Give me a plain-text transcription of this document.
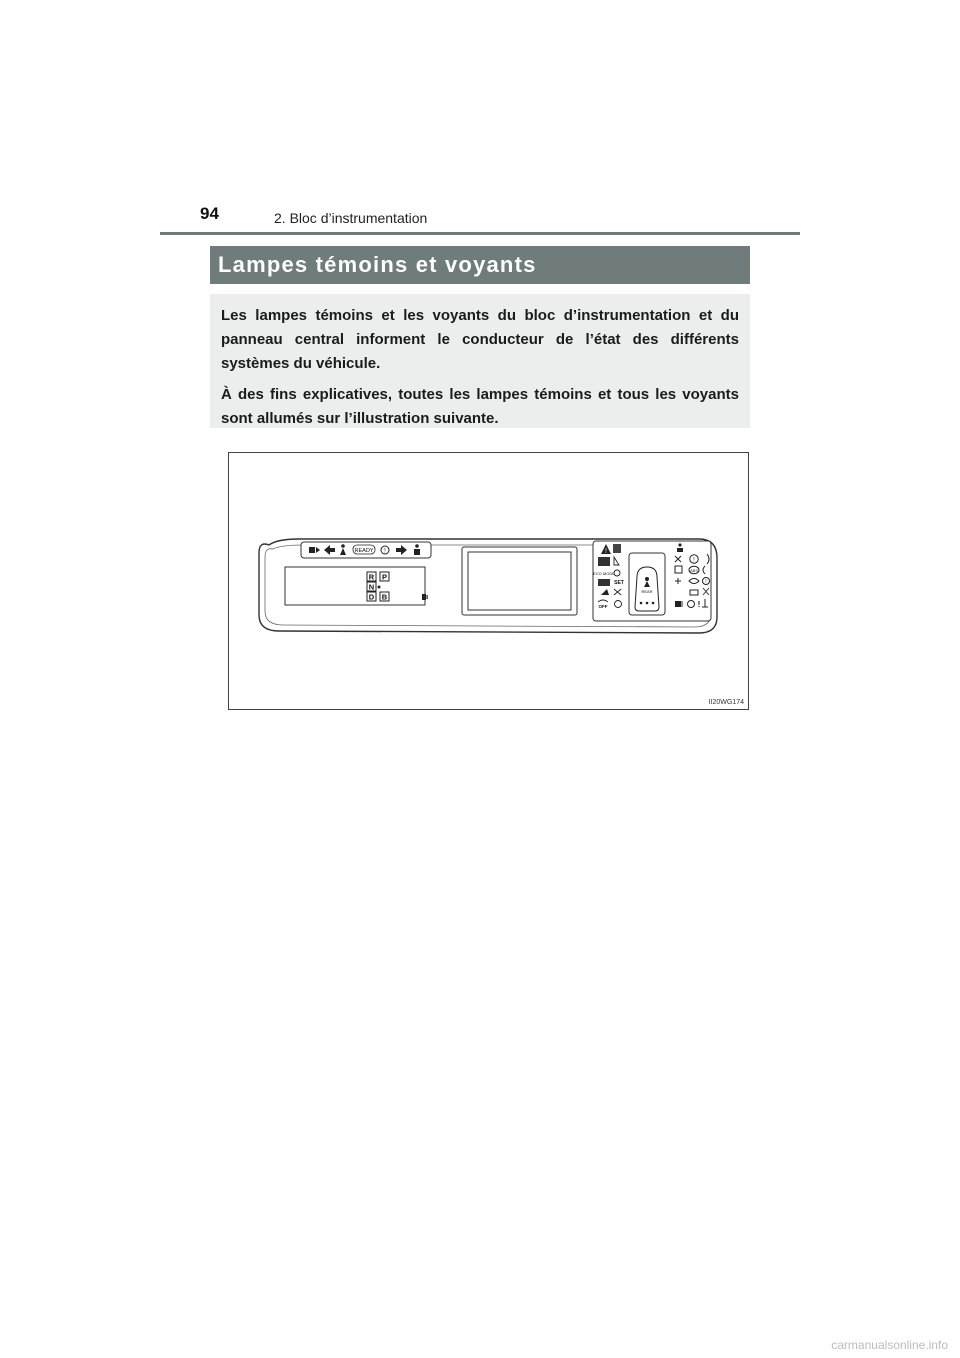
94	2. Bloc d’instrumentation
Lampes témoins et voyants

Les lampes témoins et les voyants du bloc d’instrumentation et du panneau central informent le conducteur de l’état des différents systèmes du véhicule.

À des fins explicatives, toutes les lampes témoins et tous les voyants sont allumés sur l’illustration suivante.

READY !
R P
N
D B
!
ECO MODE
SET
OFF
REAR
!
ABS
!
!
II20WG174
carmanualsonline.info
